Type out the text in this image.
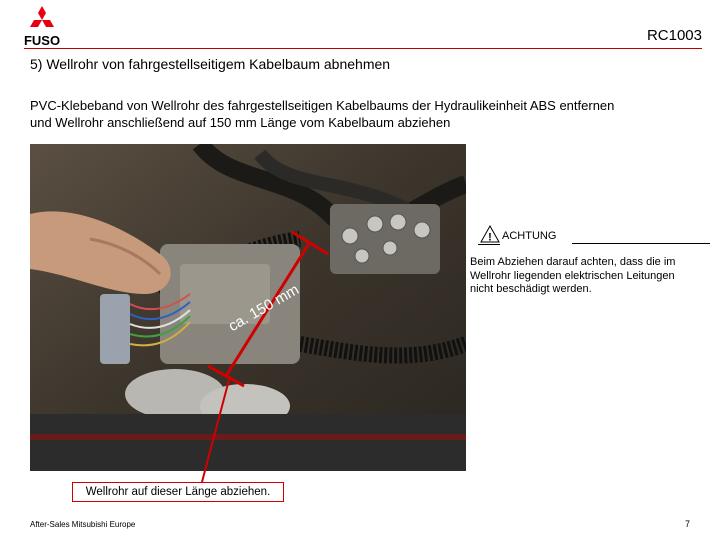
FUSO	RC1003
5) Wellrohr von fahrgestellseitigem Kabelbaum abnehmen
PVC-Klebeband von Wellrohr des fahrgestellseitigen Kabelbaums der Hydraulikeinheit ABS entfernen
und Wellrohr anschließend auf 150 mm Länge vom Kabelbaum abziehen
ca. 150 mm
! ACHTUNG
Beim Abziehen darauf achten, dass die im
Wellrohr liegenden elektrischen Leitungen
nicht beschädigt werden.
Wellrohr auf dieser Länge abziehen.
After-Sales Mitsubishi Europe	7
